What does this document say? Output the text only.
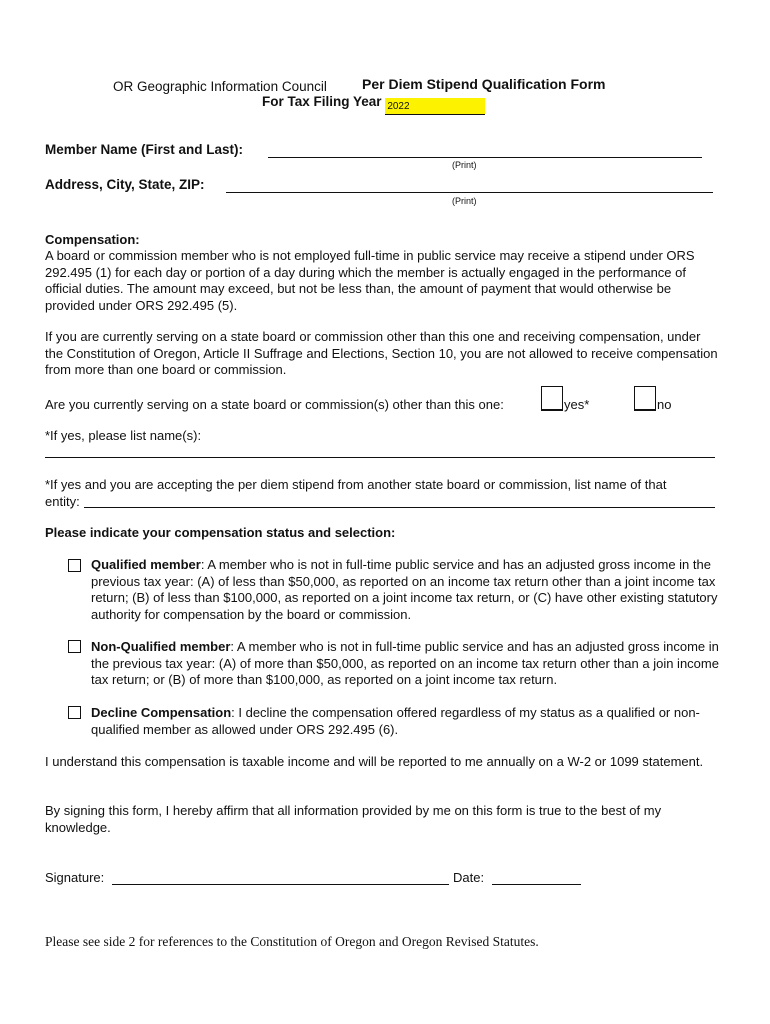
OR Geographic Information Council	Per Diem Stipend Qualification Form
For Tax Filing Year 2022
Member Name (First and Last):
(Print)
Address, City, State, ZIP:
(Print)
Compensation:

A board or commission member who is not employed full-time in public service may receive a stipend under ORS 292.495 (1) for each day or portion of a day during which the member is actually engaged in the performance of official duties. The amount may exceed, but not be less than, the amount of payment that would otherwise be provided under ORS 292.495 (5).

If you are currently serving on a state board or commission other than this one and receiving compensation, under the Constitution of Oregon, Article II Suffrage and Elections, Section 10, you are not allowed to receive compensation from more than one board or commission.

Are you currently serving on a state board or commission(s) other than this one:	yes*	no
*If yes, please list name(s):
*If yes and you are accepting the per diem stipend from another state board or commission, list name of that
entity:
Please indicate your compensation status and selection:

Qualified member: A member who is not in full-time public service and has an adjusted gross income in the previous tax year: (A) of less than $50,000, as reported on an income tax return other than a joint income tax return; (B) of less than $100,000, as reported on a joint income tax return, or (C) have other existing statutory authority for compensation by the board or commission.

Non-Qualified member: A member who is not in full-time public service and has an adjusted gross income in the previous tax year: (A) of more than $50,000, as reported on an income tax return other than a join income tax return; or (B) of more than $100,000, as reported on a joint income tax return.

Decline Compensation: I decline the compensation offered regardless of my status as a qualified or non-qualified member as allowed under ORS 292.495 (6).

I understand this compensation is taxable income and will be reported to me annually on a W-2 or 1099 statement.

By signing this form, I hereby affirm that all information provided by me on this form is true to the best of my knowledge.

Signature:	Date:
Please see side 2 for references to the Constitution of Oregon and Oregon Revised Statutes.
